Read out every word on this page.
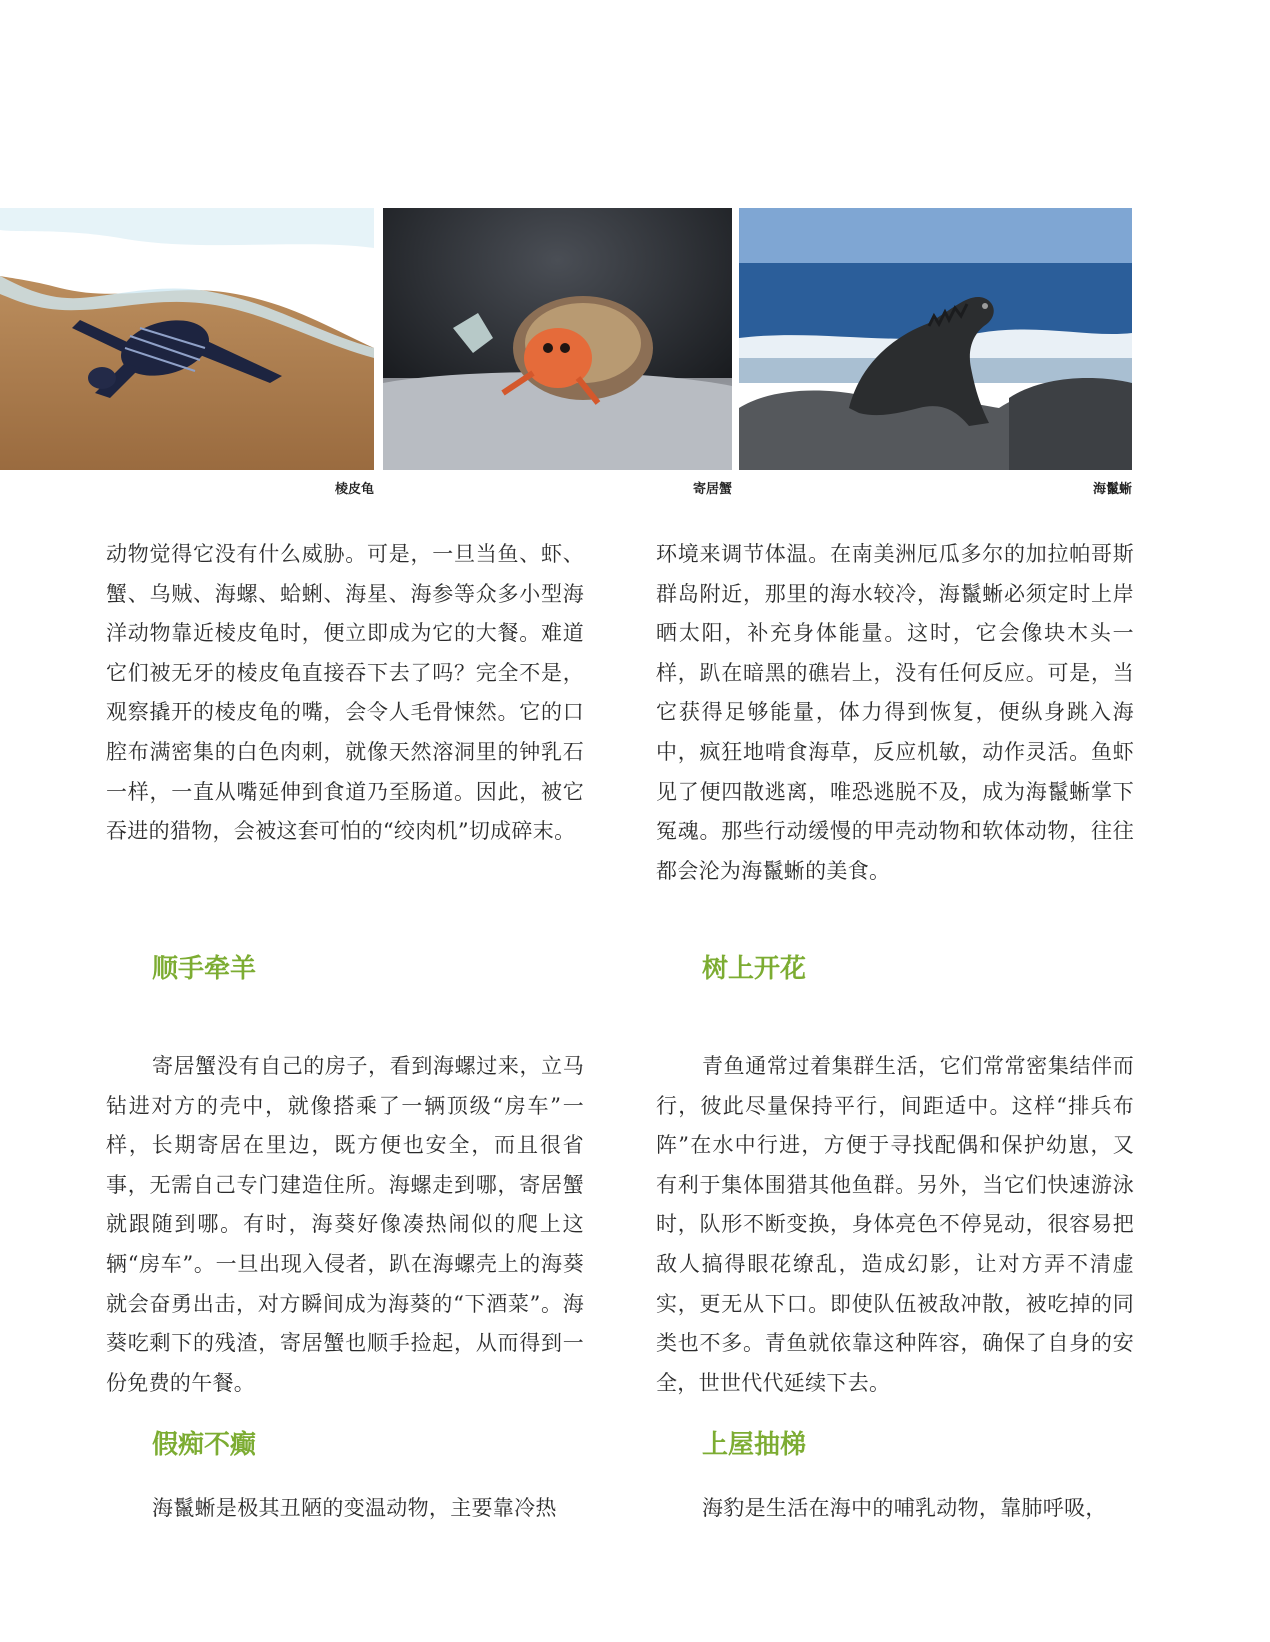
棱皮龟	寄居蟹	海鬣蜥

动物觉得它没有什么威胁。可是，一旦当鱼、虾、蟹、乌贼、海螺、蛤蜊、海星、海参等众多小型海洋动物靠近棱皮龟时，便立即成为它的大餐。难道它们被无牙的棱皮龟直接吞下去了吗？完全不是，观察撬开的棱皮龟的嘴，会令人毛骨悚然。它的口腔布满密集的白色肉刺，就像天然溶洞里的钟乳石一样，一直从嘴延伸到食道乃至肠道。因此，被它吞进的猎物，会被这套可怕的“绞肉机”切成碎末。

顺手牵羊

寄居蟹没有自己的房子，看到海螺过来，立马钻进对方的壳中，就像搭乘了一辆顶级“房车”一样，长期寄居在里边，既方便也安全，而且很省事，无需自己专门建造住所。海螺走到哪，寄居蟹就跟随到哪。有时，海葵好像凑热闹似的爬上这辆“房车”。一旦出现入侵者，趴在海螺壳上的海葵就会奋勇出击，对方瞬间成为海葵的“下酒菜”。海葵吃剩下的残渣，寄居蟹也顺手捡起，从而得到一份免费的午餐。

假痴不癫

海鬣蜥是极其丑陋的变温动物，主要靠冷热

环境来调节体温。在南美洲厄瓜多尔的加拉帕哥斯群岛附近，那里的海水较冷，海鬣蜥必须定时上岸晒太阳，补充身体能量。这时，它会像块木头一样，趴在暗黑的礁岩上，没有任何反应。可是，当它获得足够能量，体力得到恢复，便纵身跳入海中，疯狂地啃食海草，反应机敏，动作灵活。鱼虾见了便四散逃离，唯恐逃脱不及，成为海鬣蜥掌下冤魂。那些行动缓慢的甲壳动物和软体动物，往往都会沦为海鬣蜥的美食。

树上开花

青鱼通常过着集群生活，它们常常密集结伴而行，彼此尽量保持平行，间距适中。这样“排兵布阵”在水中行进，方便于寻找配偶和保护幼崽，又有利于集体围猎其他鱼群。另外，当它们快速游泳时，队形不断变换，身体亮色不停晃动，很容易把敌人搞得眼花缭乱，造成幻影，让对方弄不清虚实，更无从下口。即使队伍被敌冲散，被吃掉的同类也不多。青鱼就依靠这种阵容，确保了自身的安全，世世代代延续下去。

上屋抽梯

海豹是生活在海中的哺乳动物，靠肺呼吸，
